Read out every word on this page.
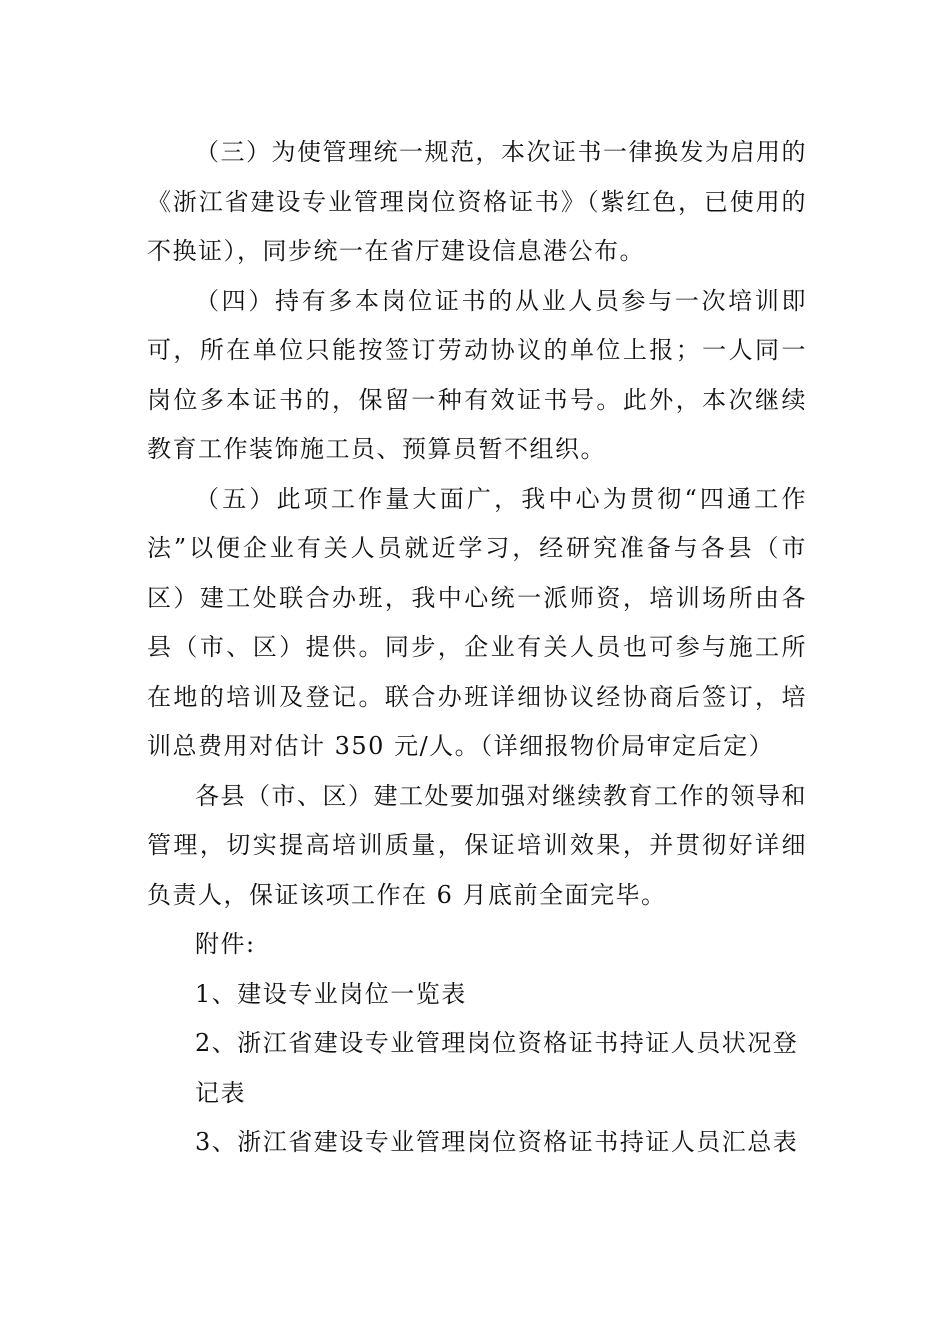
（三）为使管理统一规范，本次证书一律换发为启用的《浙江省建设专业管理岗位资格证书》（紫红色，已使用的不换证），同步统一在省厅建设信息港公布。

（四）持有多本岗位证书的从业人员参与一次培训即可，所在单位只能按签订劳动协议的单位上报；一人同一岗位多本证书的，保留一种有效证书号。此外，本次继续教育工作装饰施工员、预算员暂不组织。

（五）此项工作量大面广，我中心为贯彻“四通工作法”以便企业有关人员就近学习，经研究准备与各县（市区）建工处联合办班，我中心统一派师资，培训场所由各县（市、区）提供。同步，企业有关人员也可参与施工所在地的培训及登记。联合办班详细协议经协商后签订，培训总费用对估计 350 元/人。（详细报物价局审定后定）

各县（市、区）建工处要加强对继续教育工作的领导和管理，切实提高培训质量，保证培训效果，并贯彻好详细负责人，保证该项工作在 6 月底前全面完毕。

附件:

1、建设专业岗位一览表

2、浙江省建设专业管理岗位资格证书持证人员状况登记表

3、浙江省建设专业管理岗位资格证书持证人员汇总表
